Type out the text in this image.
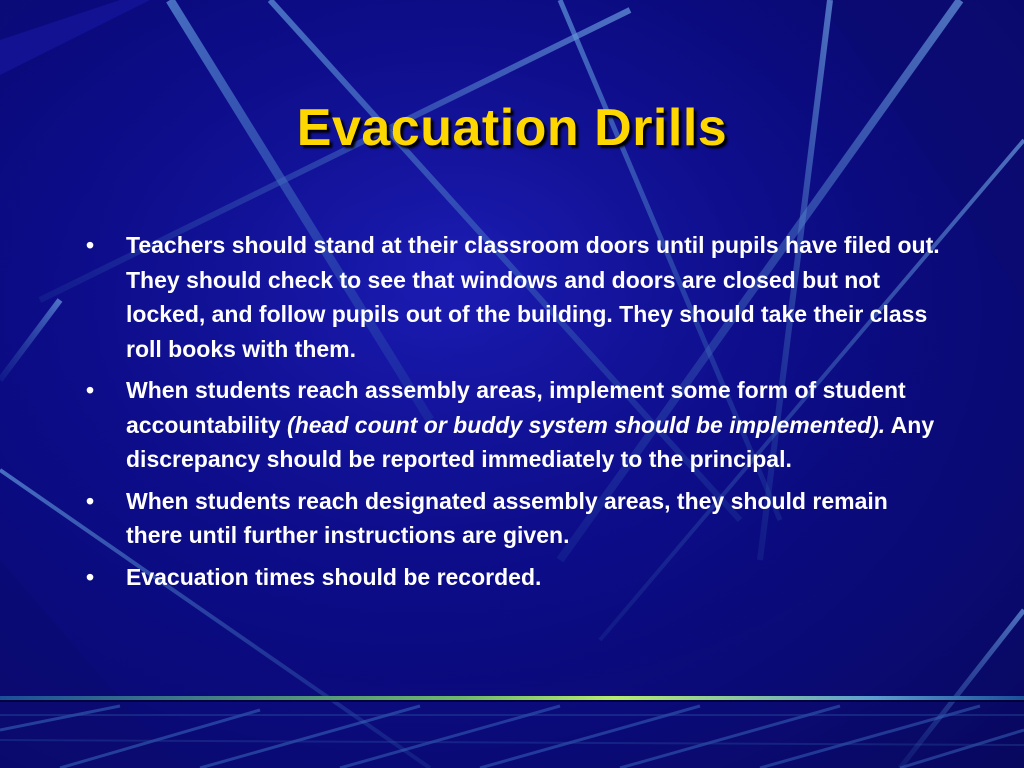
Evacuation Drills
• Teachers should stand at their classroom doors until pupils have filed out. They should check to see that windows and doors are closed but not locked, and follow pupils out of the building. They should take their class roll books with them.
• When students reach assembly areas, implement some form of student accountability (head count or buddy system should be implemented). Any discrepancy should be reported immediately to the principal.
• When students reach designated assembly areas, they should remain there until further instructions are given.
• Evacuation times should be recorded.
